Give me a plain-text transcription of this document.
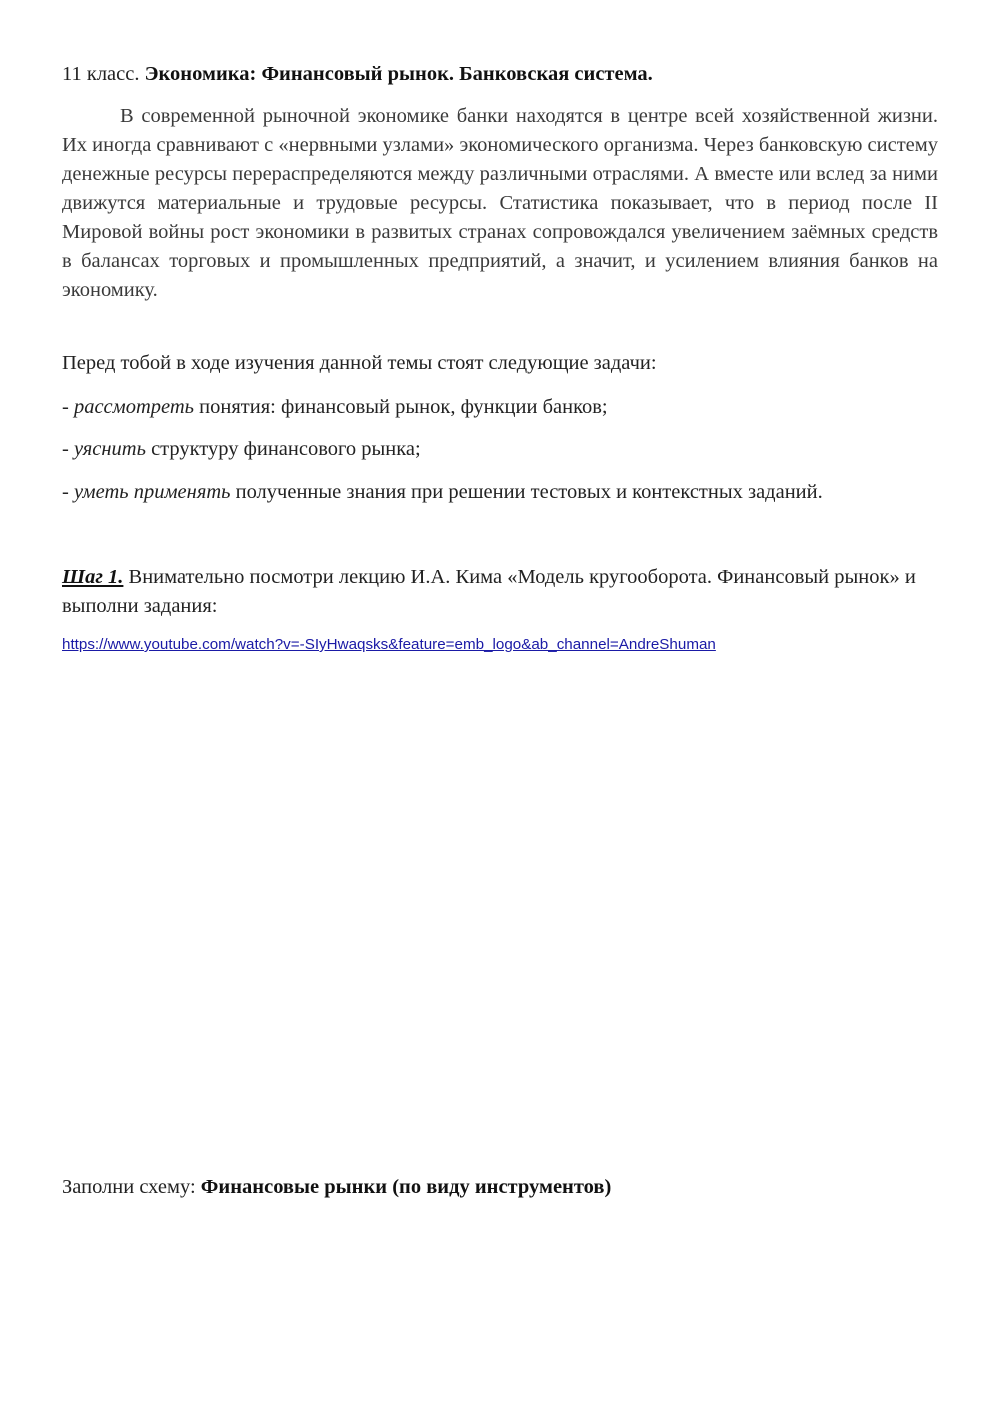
11 класс. Экономика: Финансовый рынок. Банковская система.
В современной рыночной экономике банки находятся в центре всей хозяйственной жизни. Их иногда сравнивают с «нервными узлами» экономического организма. Через банковскую систему денежные ресурсы перераспределяются между различными отраслями. А вместе или вслед за ними движутся материальные и трудовые ресурсы. Статистика показывает, что в период после II Мировой войны рост экономики в развитых странах сопровождался увеличением заёмных средств в балансах торговых и промышленных предприятий, а значит, и усилением влияния банков на экономику.
Перед тобой в ходе изучения данной темы стоят следующие задачи:
- рассмотреть понятия: финансовый рынок, функции банков;
- уяснить структуру финансового рынка;
- уметь применять полученные знания при решении тестовых и контекстных заданий.
Шаг 1. Внимательно посмотри лекцию И.А. Кима «Модель кругооборота. Финансовый рынок» и выполни задания:
https://www.youtube.com/watch?v=-SIyHwaqsks&feature=emb_logo&ab_channel=AndreShuman
Заполни схему: Финансовые рынки (по виду инструментов)
